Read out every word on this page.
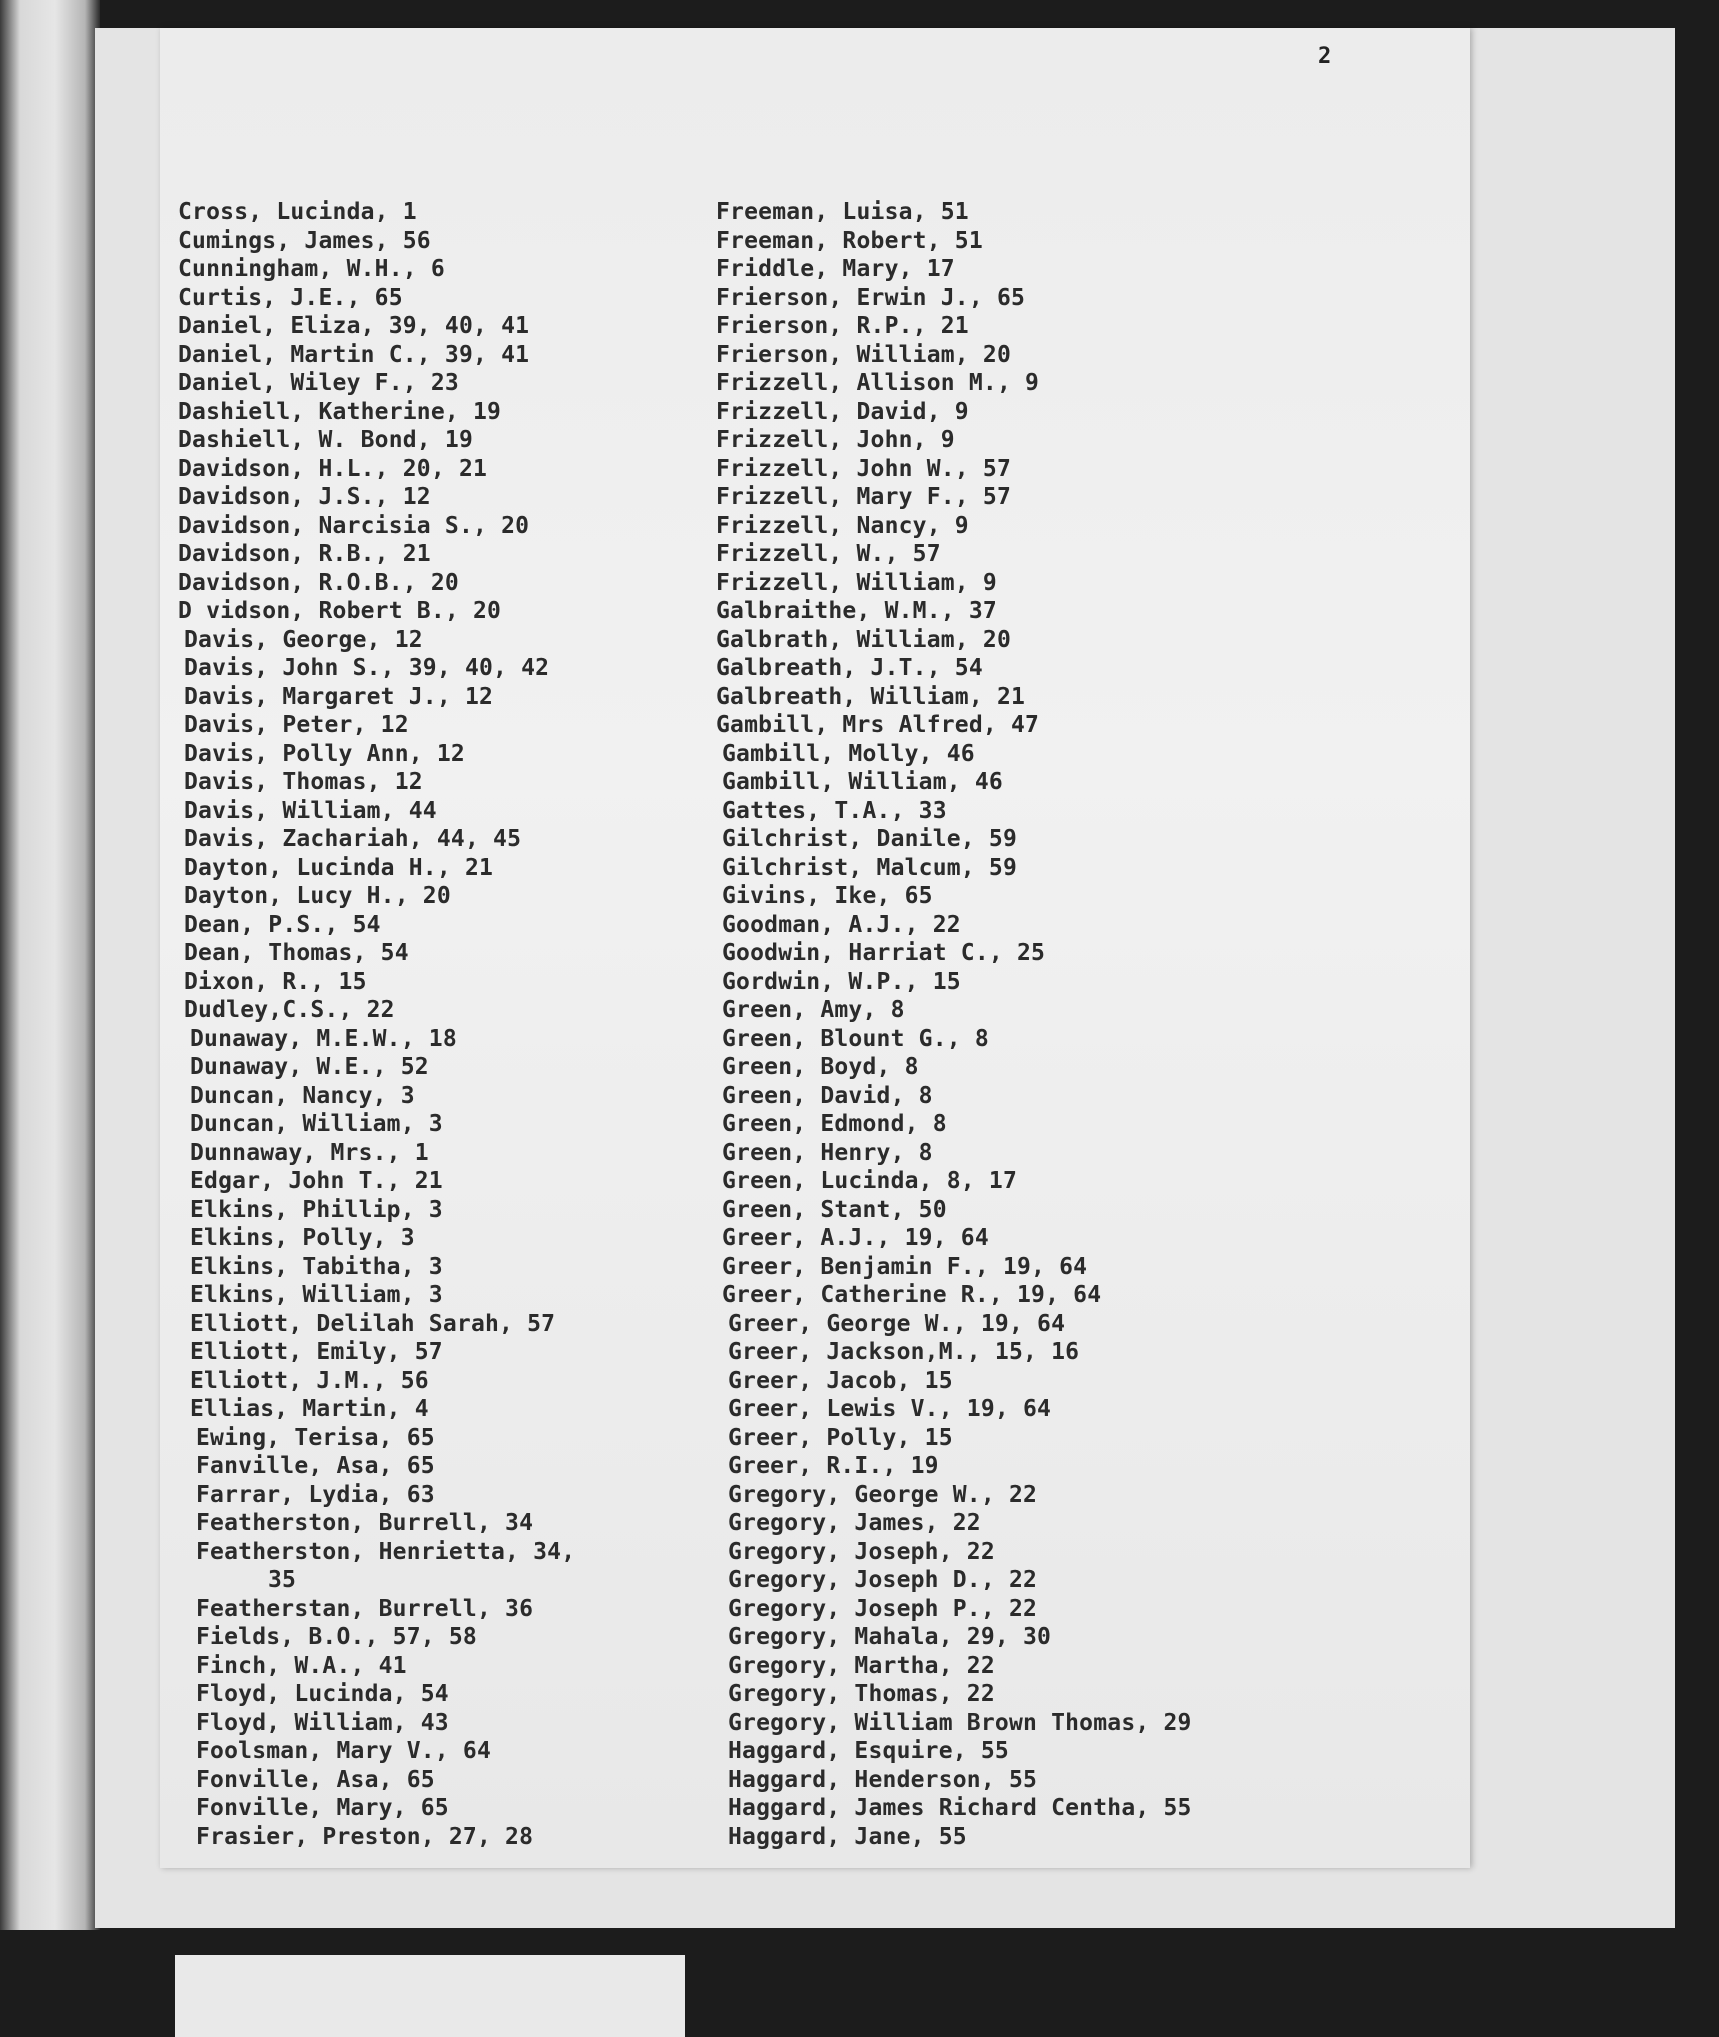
2
Cross, Lucinda, 1
Cumings, James, 56
Cunningham, W.H., 6
Curtis, J.E., 65
Daniel, Eliza, 39, 40, 41
Daniel, Martin C., 39, 41
Daniel, Wiley F., 23
Dashiell, Katherine, 19
Dashiell, W. Bond, 19
Davidson, H.L., 20, 21
Davidson, J.S., 12
Davidson, Narcisia S., 20
Davidson, R.B., 21
Davidson, R.O.B., 20
D vidson, Robert B., 20
Davis, George, 12
Davis, John S., 39, 40, 42
Davis, Margaret J., 12
Davis, Peter, 12
Davis, Polly Ann, 12
Davis, Thomas, 12
Davis, William, 44
Davis, Zachariah, 44, 45
Dayton, Lucinda H., 21
Dayton, Lucy H., 20
Dean, P.S., 54
Dean, Thomas, 54
Dixon, R., 15
Dudley,C.S., 22
Dunaway, M.E.W., 18
Dunaway, W.E., 52
Duncan, Nancy, 3
Duncan, William, 3
Dunnaway, Mrs., 1
Edgar, John T., 21
Elkins, Phillip, 3
Elkins, Polly, 3
Elkins, Tabitha, 3
Elkins, William, 3
Elliott, Delilah Sarah, 57
Elliott, Emily, 57
Elliott, J.M., 56
Ellias, Martin, 4
Ewing, Terisa, 65
Fanville, Asa, 65
Farrar, Lydia, 63
Featherston, Burrell, 34
Featherston, Henrietta, 34,
35
Featherstan, Burrell, 36
Fields, B.O., 57, 58
Finch, W.A., 41
Floyd, Lucinda, 54
Floyd, William, 43
Foolsman, Mary V., 64
Fonville, Asa, 65
Fonville, Mary, 65
Frasier, Preston, 27, 28
Freeman, Luisa, 51
Freeman, Robert, 51
Friddle, Mary, 17
Frierson, Erwin J., 65
Frierson, R.P., 21
Frierson, William, 20
Frizzell, Allison M., 9
Frizzell, David, 9
Frizzell, John, 9
Frizzell, John W., 57
Frizzell, Mary F., 57
Frizzell, Nancy, 9
Frizzell, W., 57
Frizzell, William, 9
Galbraithe, W.M., 37
Galbrath, William, 20
Galbreath, J.T., 54
Galbreath, William, 21
Gambill, Mrs Alfred, 47
Gambill, Molly, 46
Gambill, William, 46
Gattes, T.A., 33
Gilchrist, Danile, 59
Gilchrist, Malcum, 59
Givins, Ike, 65
Goodman, A.J., 22
Goodwin, Harriat C., 25
Gordwin, W.P., 15
Green, Amy, 8
Green, Blount G., 8
Green, Boyd, 8
Green, David, 8
Green, Edmond, 8
Green, Henry, 8
Green, Lucinda, 8, 17
Green, Stant, 50
Greer, A.J., 19, 64
Greer, Benjamin F., 19, 64
Greer, Catherine R., 19, 64
Greer, George W., 19, 64
Greer, Jackson,M., 15, 16
Greer, Jacob, 15
Greer, Lewis V., 19, 64
Greer, Polly, 15
Greer, R.I., 19
Gregory, George W., 22
Gregory, James, 22
Gregory, Joseph, 22
Gregory, Joseph D., 22
Gregory, Joseph P., 22
Gregory, Mahala, 29, 30
Gregory, Martha, 22
Gregory, Thomas, 22
Gregory, William Brown Thomas, 29
Haggard, Esquire, 55
Haggard, Henderson, 55
Haggard, James Richard Centha, 55
Haggard, Jane, 55
